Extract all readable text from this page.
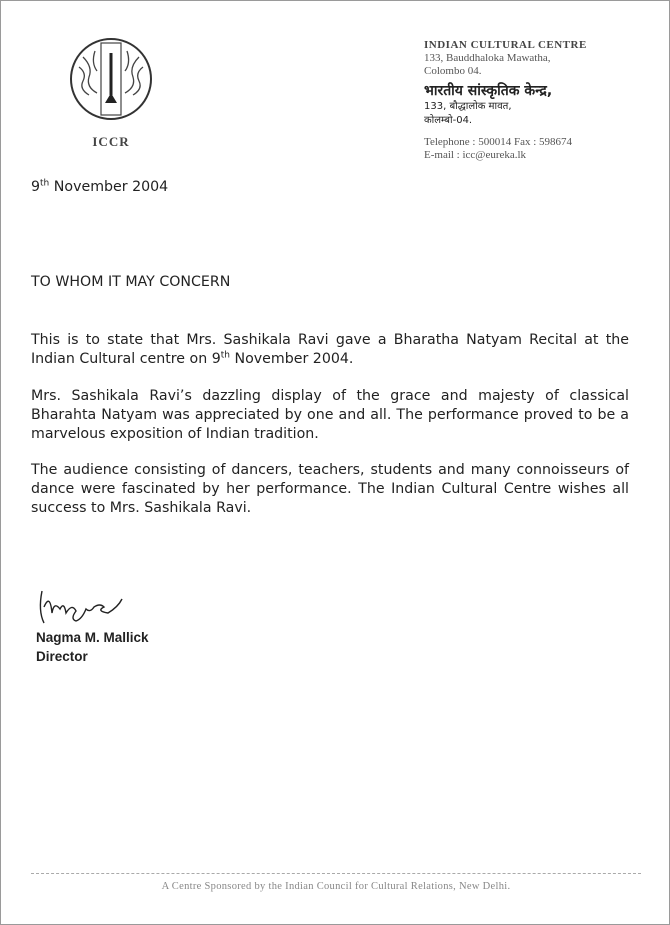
ICCR
INDIAN CULTURAL CENTRE
133, Bauddhaloka Mawatha,
Colombo 04.
भारतीय सांस्कृतिक केन्द्र,
133, बौद्धालोक मावत,
कोलम्बो-04.
Telephone : 500014 Fax : 598674
E-mail : icc@eureka.lk
9th November 2004
TO WHOM IT MAY CONCERN

This is to state that Mrs. Sashikala Ravi gave a Bharatha Natyam Recital at the Indian Cultural centre on 9th November 2004.

Mrs. Sashikala Ravi’s dazzling display of the grace and majesty of classical Bharahta Natyam was appreciated by one and all. The performance proved to be a marvelous exposition of Indian tradition.

The audience consisting of dancers, teachers, students and many connoisseurs of dance were fascinated by her performance. The Indian Cultural Centre wishes all success to Mrs. Sashikala Ravi.

Nagma M. Mallick
Director
A Centre Sponsored by the Indian Council for Cultural Relations, New Delhi.
